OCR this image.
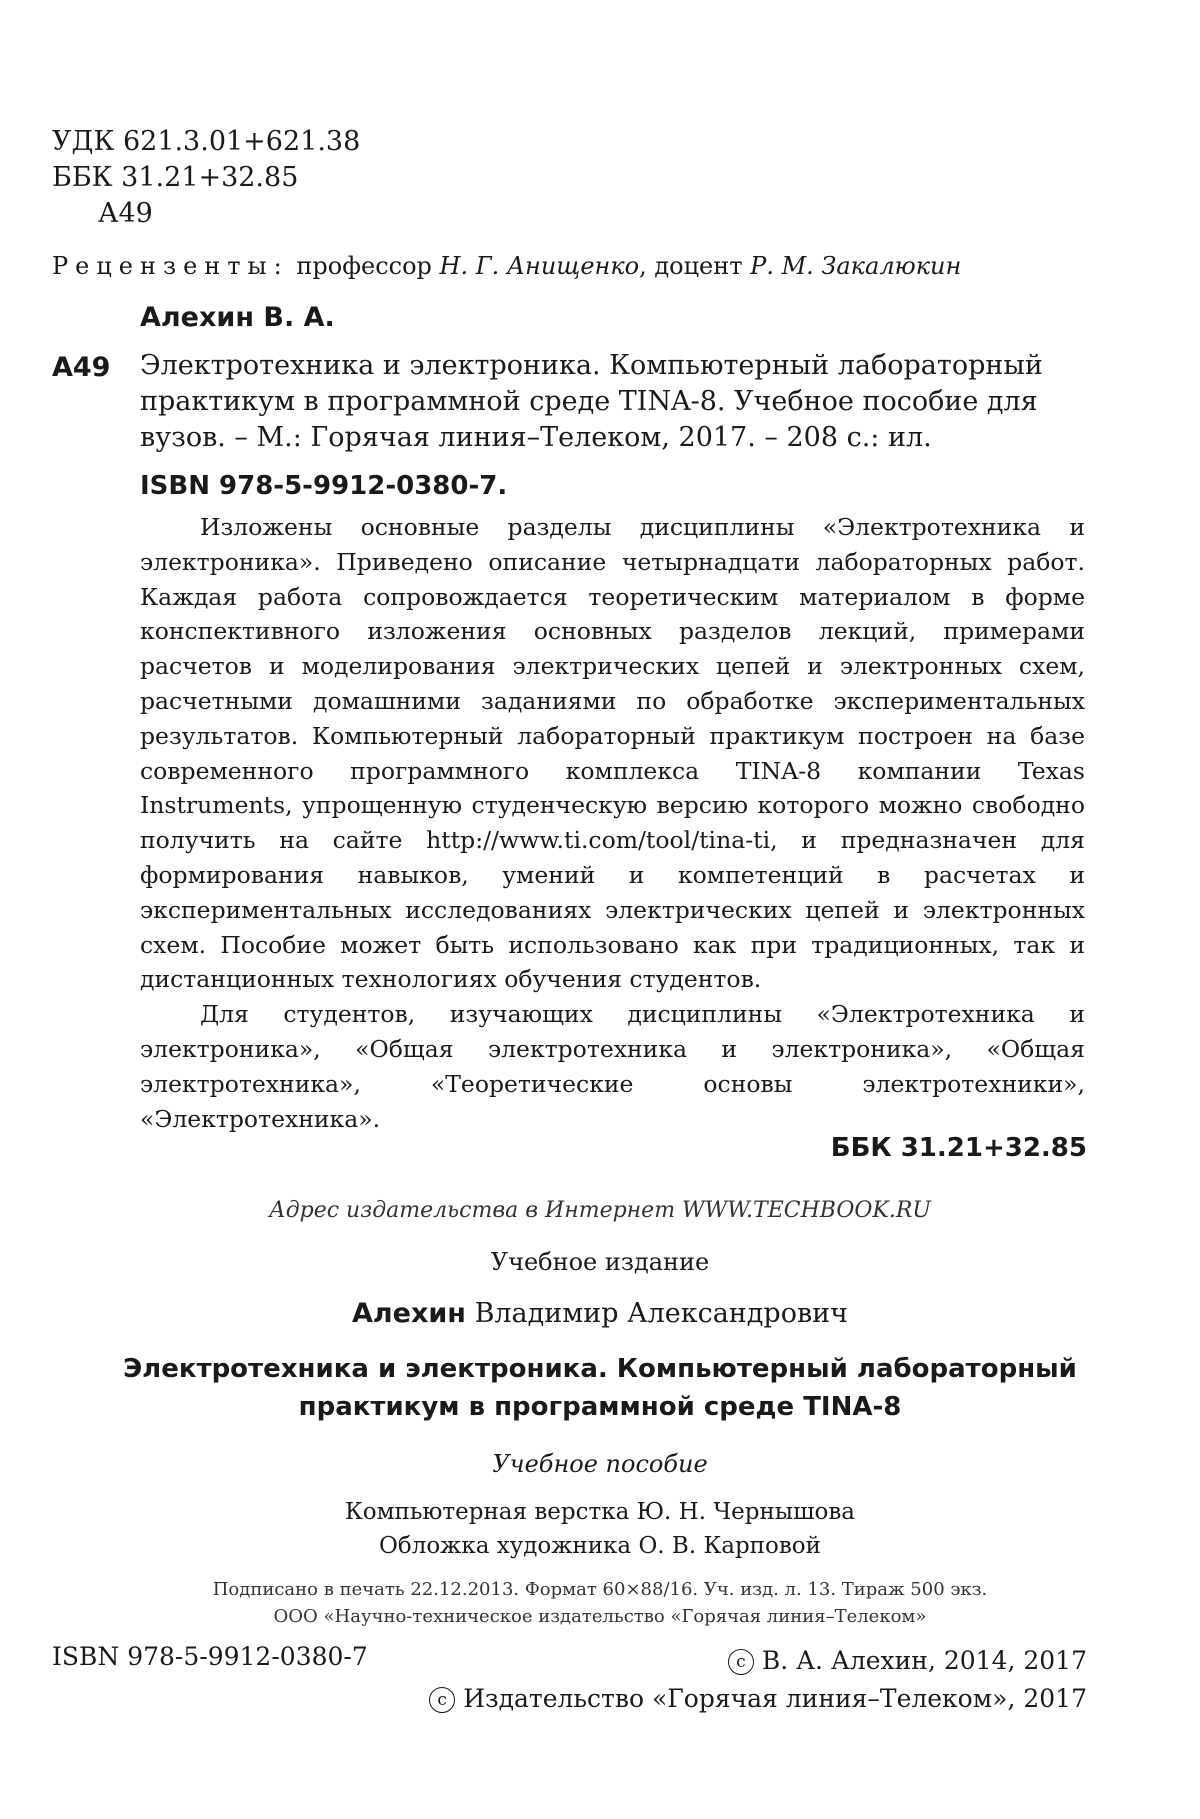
УДК 621.3.01+621.38
ББК 31.21+32.85
А49
Рецензенты: профессор Н. Г. Анищенко, доцент Р. М. Закалюкин
Алехин В. А.
А49 Электротехника и электроника. Компьютерный лабораторный
практикум в программной среде TINA-8. Учебное пособие для
вузов. – М.: Горячая линия–Телеком, 2017. – 208 с.: ил.
ISBN 978-5-9912-0380-7.

Изложены основные разделы дисциплины «Электротехника и электроника». Приведено описание четырнадцати лабораторных работ. Каждая работа сопровождается теоретическим материалом в форме конспективного изложения основных разделов лекций, примерами расчетов и моделирования электрических цепей и электронных схем, расчетными домашними заданиями по обработке экспериментальных результатов. Компьютерный лабораторный практикум построен на базе современного программного комплекса TINA-8 компании Texas Instruments, упрощенную студенческую версию которого можно свободно получить на сайте http://www.ti.com/tool/tina-ti, и предназначен для формирования навыков, умений и компетенций в расчетах и экспериментальных исследованиях электрических цепей и электронных схем. Пособие может быть использовано как при традиционных, так и дистанционных технологиях обучения студентов.

Для студентов, изучающих дисциплины «Электротехника и электроника», «Общая электротехника и электроника», «Общая электротехника», «Теоретические основы электротехники», «Электротехника».

ББК 31.21+32.85
Адрес издательства в Интернет WWW.TECHBOOK.RU
Учебное издание
Алехин Владимир Александрович
Электротехника и электроника. Компьютерный лабораторный
практикум в программной среде TINA-8
Учебное пособие
Компьютерная верстка Ю. Н. Чернышова
Обложка художника О. В. Карповой
Подписано в печать 22.12.2013. Формат 60×88/16. Уч. изд. л. 13. Тираж 500 экз.
ООО «Научно-техническое издательство «Горячая линия–Телеком»
ISBN 978-5-9912-0380-7	c В. А. Алехин, 2014, 2017
c Издательство «Горячая линия–Телеком», 2017
